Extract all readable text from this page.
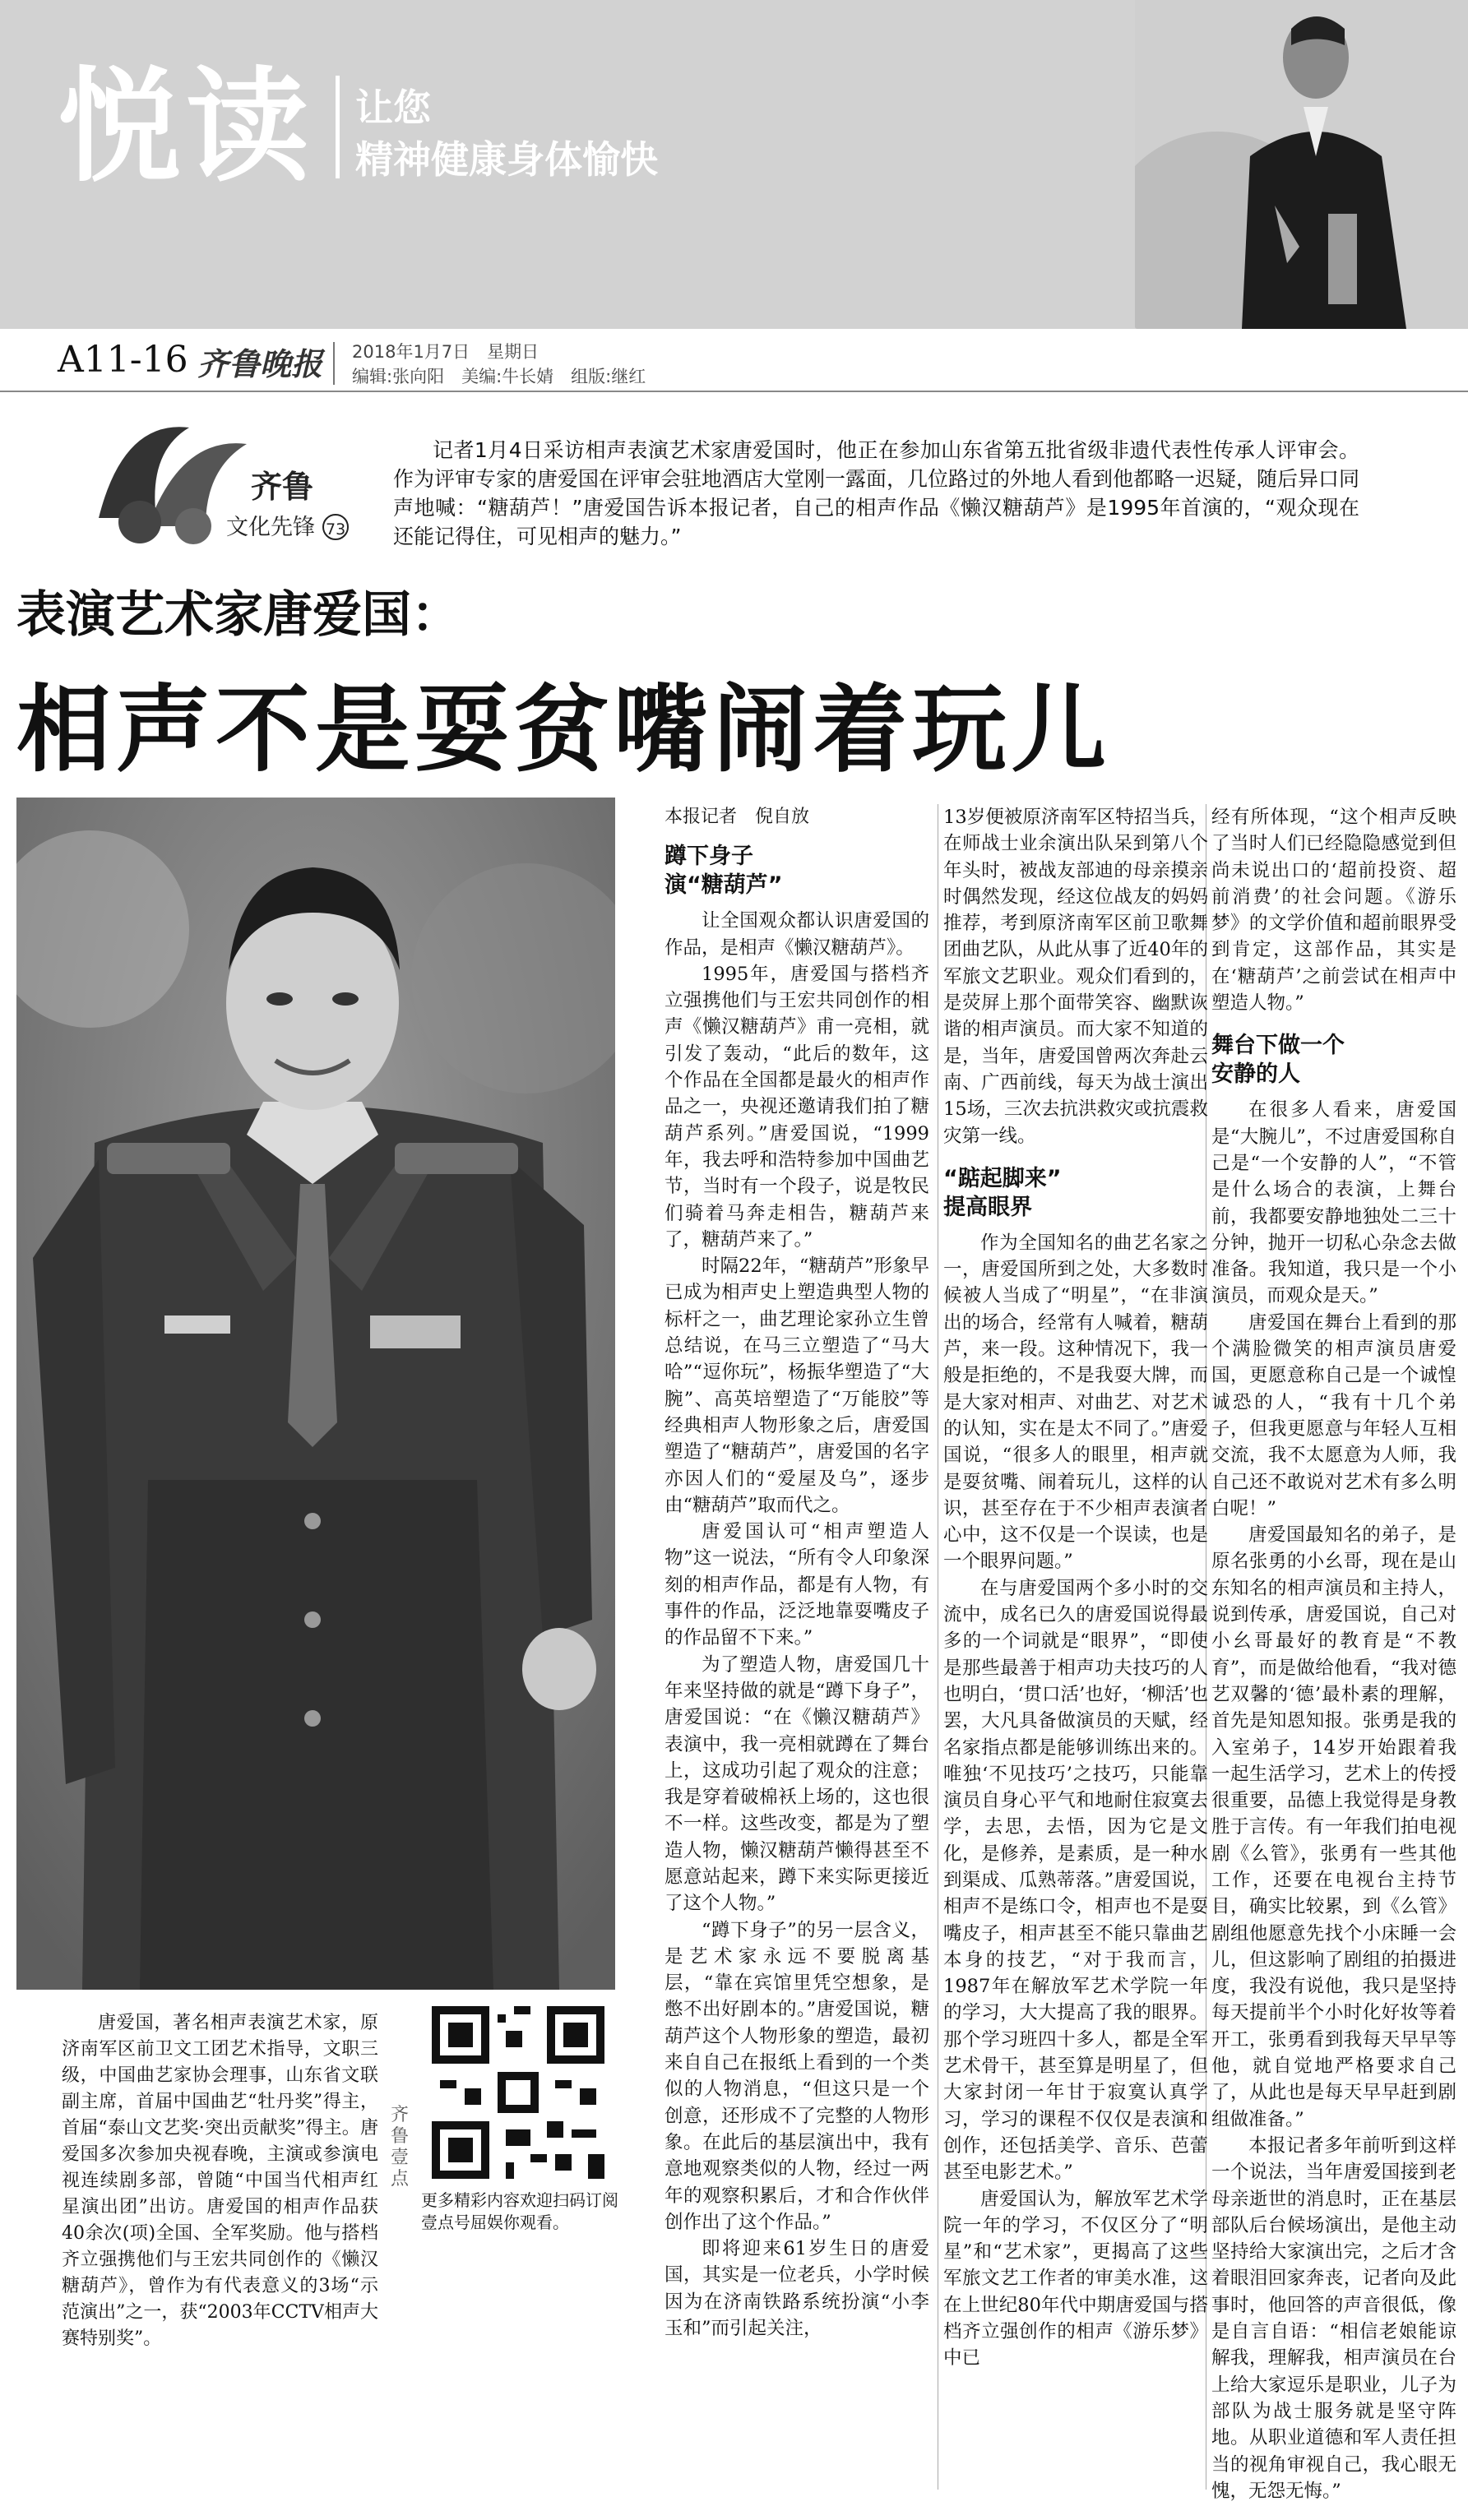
悦读 让您
精神健康身体愉快
A11-16 齐鲁晚报 2018年1月7日　星期日
编辑:张向阳　美编:牛长婧　组版:继红
齐鲁
文化先锋 73
记者1月4日采访相声表演艺术家唐爱国时，他正在参加山东省第五批省级非遗代表性传承人评审会。作为评审专家的唐爱国在评审会驻地酒店大堂刚一露面，几位路过的外地人看到他都略一迟疑，随后异口同声地喊：“糖葫芦！”唐爱国告诉本报记者，自己的相声作品《懒汉糖葫芦》是1995年首演的，“观众现在还能记得住，可见相声的魅力。”
表演艺术家唐爱国：
相声不是耍贫嘴闹着玩儿
唐爱国，著名相声表演艺术家，原济南军区前卫文工团艺术指导，文职三级，中国曲艺家协会理事，山东省文联副主席，首届中国曲艺“牡丹奖”得主，首届“泰山文艺奖·突出贡献奖”得主。唐爱国多次参加央视春晚，主演或参演电视连续剧多部，曾随“中国当代相声红星演出团”出访。唐爱国的相声作品获40余次(项)全国、全军奖励。他与搭档齐立强携他们与王宏共同创作的《懒汉糖葫芦》，曾作为有代表意义的3场“示范演出”之一，获“2003年CCTV相声大赛特别奖”。
齐鲁壹点
更多精彩内容欢迎扫码订阅壹点号屈娱你观看。

本报记者　倪自放

蹲下身子
演“糖葫芦”

让全国观众都认识唐爱国的作品，是相声《懒汉糖葫芦》。

1995年，唐爱国与搭档齐立强携他们与王宏共同创作的相声《懒汉糖葫芦》甫一亮相，就引发了轰动，“此后的数年，这个作品在全国都是最火的相声作品之一，央视还邀请我们拍了糖葫芦系列。”唐爱国说，“1999年，我去呼和浩特参加中国曲艺节，当时有一个段子，说是牧民们骑着马奔走相告，糖葫芦来了，糖葫芦来了。”

时隔22年，“糖葫芦”形象早已成为相声史上塑造典型人物的标杆之一，曲艺理论家孙立生曾总结说，在马三立塑造了“马大哈”“逗你玩”，杨振华塑造了“大腕”、高英培塑造了“万能胶”等经典相声人物形象之后，唐爱国塑造了“糖葫芦”，唐爱国的名字亦因人们的“爱屋及乌”，逐步由“糖葫芦”取而代之。

唐爱国认可“相声塑造人物”这一说法，“所有令人印象深刻的相声作品，都是有人物，有事件的作品，泛泛地靠耍嘴皮子的作品留不下来。”

为了塑造人物，唐爱国几十年来坚持做的就是“蹲下身子”，唐爱国说：“在《懒汉糖葫芦》表演中，我一亮相就蹲在了舞台上，这成功引起了观众的注意；我是穿着破棉袄上场的，这也很不一样。这些改变，都是为了塑造人物，懒汉糖葫芦懒得甚至不愿意站起来，蹲下来实际更接近了这个人物。”

“蹲下身子”的另一层含义，是艺术家永远不要脱离基层，“靠在宾馆里凭空想象，是憋不出好剧本的。”唐爱国说，糖葫芦这个人物形象的塑造，最初来自自己在报纸上看到的一个类似的人物消息，“但这只是一个创意，还形成不了完整的人物形象。在此后的基层演出中，我有意地观察类似的人物，经过一两年的观察积累后，才和合作伙伴创作出了这个作品。”

即将迎来61岁生日的唐爱国，其实是一位老兵，小学时候因为在济南铁路系统扮演“小李玉和”而引起关注，

13岁便被原济南军区特招当兵，在师战士业余演出队呆到第八个年头时，被战友部迪的母亲摸亲时偶然发现，经这位战友的妈妈推荐，考到原济南军区前卫歌舞团曲艺队，从此从事了近40年的军旅文艺职业。观众们看到的，是荧屏上那个面带笑容、幽默诙谐的相声演员。而大家不知道的是，当年，唐爱国曾两次奔赴云南、广西前线，每天为战士演出15场，三次去抗洪救灾或抗震救灾第一线。

“踮起脚来”
提高眼界

作为全国知名的曲艺名家之一，唐爱国所到之处，大多数时候被人当成了“明星”，“在非演出的场合，经常有人喊着，糖葫芦，来一段。这种情况下，我一般是拒绝的，不是我耍大牌，而是大家对相声、对曲艺、对艺术的认知，实在是太不同了。”唐爱国说，“很多人的眼里，相声就是耍贫嘴、闹着玩儿，这样的认识，甚至存在于不少相声表演者心中，这不仅是一个误读，也是一个眼界问题。”

在与唐爱国两个多小时的交流中，成名已久的唐爱国说得最多的一个词就是“眼界”，“即使是那些最善于相声功夫技巧的人也明白，‘贯口活’也好，‘柳活’也罢，大凡具备做演员的天赋，经名家指点都是能够训练出来的。唯独‘不见技巧’之技巧，只能靠演员自身心平气和地耐住寂寞去学，去思，去悟，因为它是文化，是修养，是素质，是一种水到渠成、瓜熟蒂落。”唐爱国说，相声不是练口令，相声也不是耍嘴皮子，相声甚至不能只靠曲艺本身的技艺，“对于我而言，1987年在解放军艺术学院一年的学习，大大提高了我的眼界。那个学习班四十多人，都是全军艺术骨干，甚至算是明星了，但大家封闭一年甘于寂寞认真学习，学习的课程不仅仅是表演和创作，还包括美学、音乐、芭蕾甚至电影艺术。”

唐爱国认为，解放军艺术学院一年的学习，不仅区分了“明星”和“艺术家”，更揭高了这些军旅文艺工作者的审美水准，这在上世纪80年代中期唐爱国与搭档齐立强创作的相声《游乐梦》中已

经有所体现，“这个相声反映了当时人们已经隐隐感觉到但尚未说出口的‘超前投资、超前消费’的社会问题。《游乐梦》的文学价值和超前眼界受到肯定，这部作品，其实是在‘糖葫芦’之前尝试在相声中塑造人物。”

舞台下做一个
安静的人

在很多人看来，唐爱国是“大腕儿”，不过唐爱国称自己是“一个安静的人”，“不管是什么场合的表演，上舞台前，我都要安静地独处二三十分钟，抛开一切私心杂念去做准备。我知道，我只是一个小演员，而观众是天。”

唐爱国在舞台上看到的那个满脸微笑的相声演员唐爱国，更愿意称自己是一个诚惶诚恐的人，“我有十几个弟子，但我更愿意与年轻人互相交流，我不太愿意为人师，我自己还不敢说对艺术有多么明白呢！”

唐爱国最知名的弟子，是原名张勇的小幺哥，现在是山东知名的相声演员和主持人，说到传承，唐爱国说，自己对小幺哥最好的教育是“不教育”，而是做给他看，“我对德艺双馨的‘德’最朴素的理解，首先是知恩知报。张勇是我的入室弟子，14岁开始跟着我一起生活学习，艺术上的传授很重要，品德上我觉得是身教胜于言传。有一年我们拍电视剧《么管》，张勇有一些其他工作，还要在电视台主持节目，确实比较累，到《么管》剧组他愿意先找个小床睡一会儿，但这影响了剧组的拍摄进度，我没有说他，我只是坚持每天提前半个小时化好妆等着开工，张勇看到我每天早早等他，就自觉地严格要求自己了，从此也是每天早早赶到剧组做准备。”

本报记者多年前听到这样一个说法，当年唐爱国接到老母亲逝世的消息时，正在基层部队后台候场演出，是他主动坚持给大家演出完，之后才含着眼泪回家奔丧，记者向及此事时，他回答的声音很低，像是自言自语：“相信老娘能谅解我，理解我，相声演员在台上给大家逗乐是职业，儿子为部队为战士服务就是坚守阵地。从职业道德和军人责任担当的视角审视自己，我心眼无愧，无怨无悔。”
